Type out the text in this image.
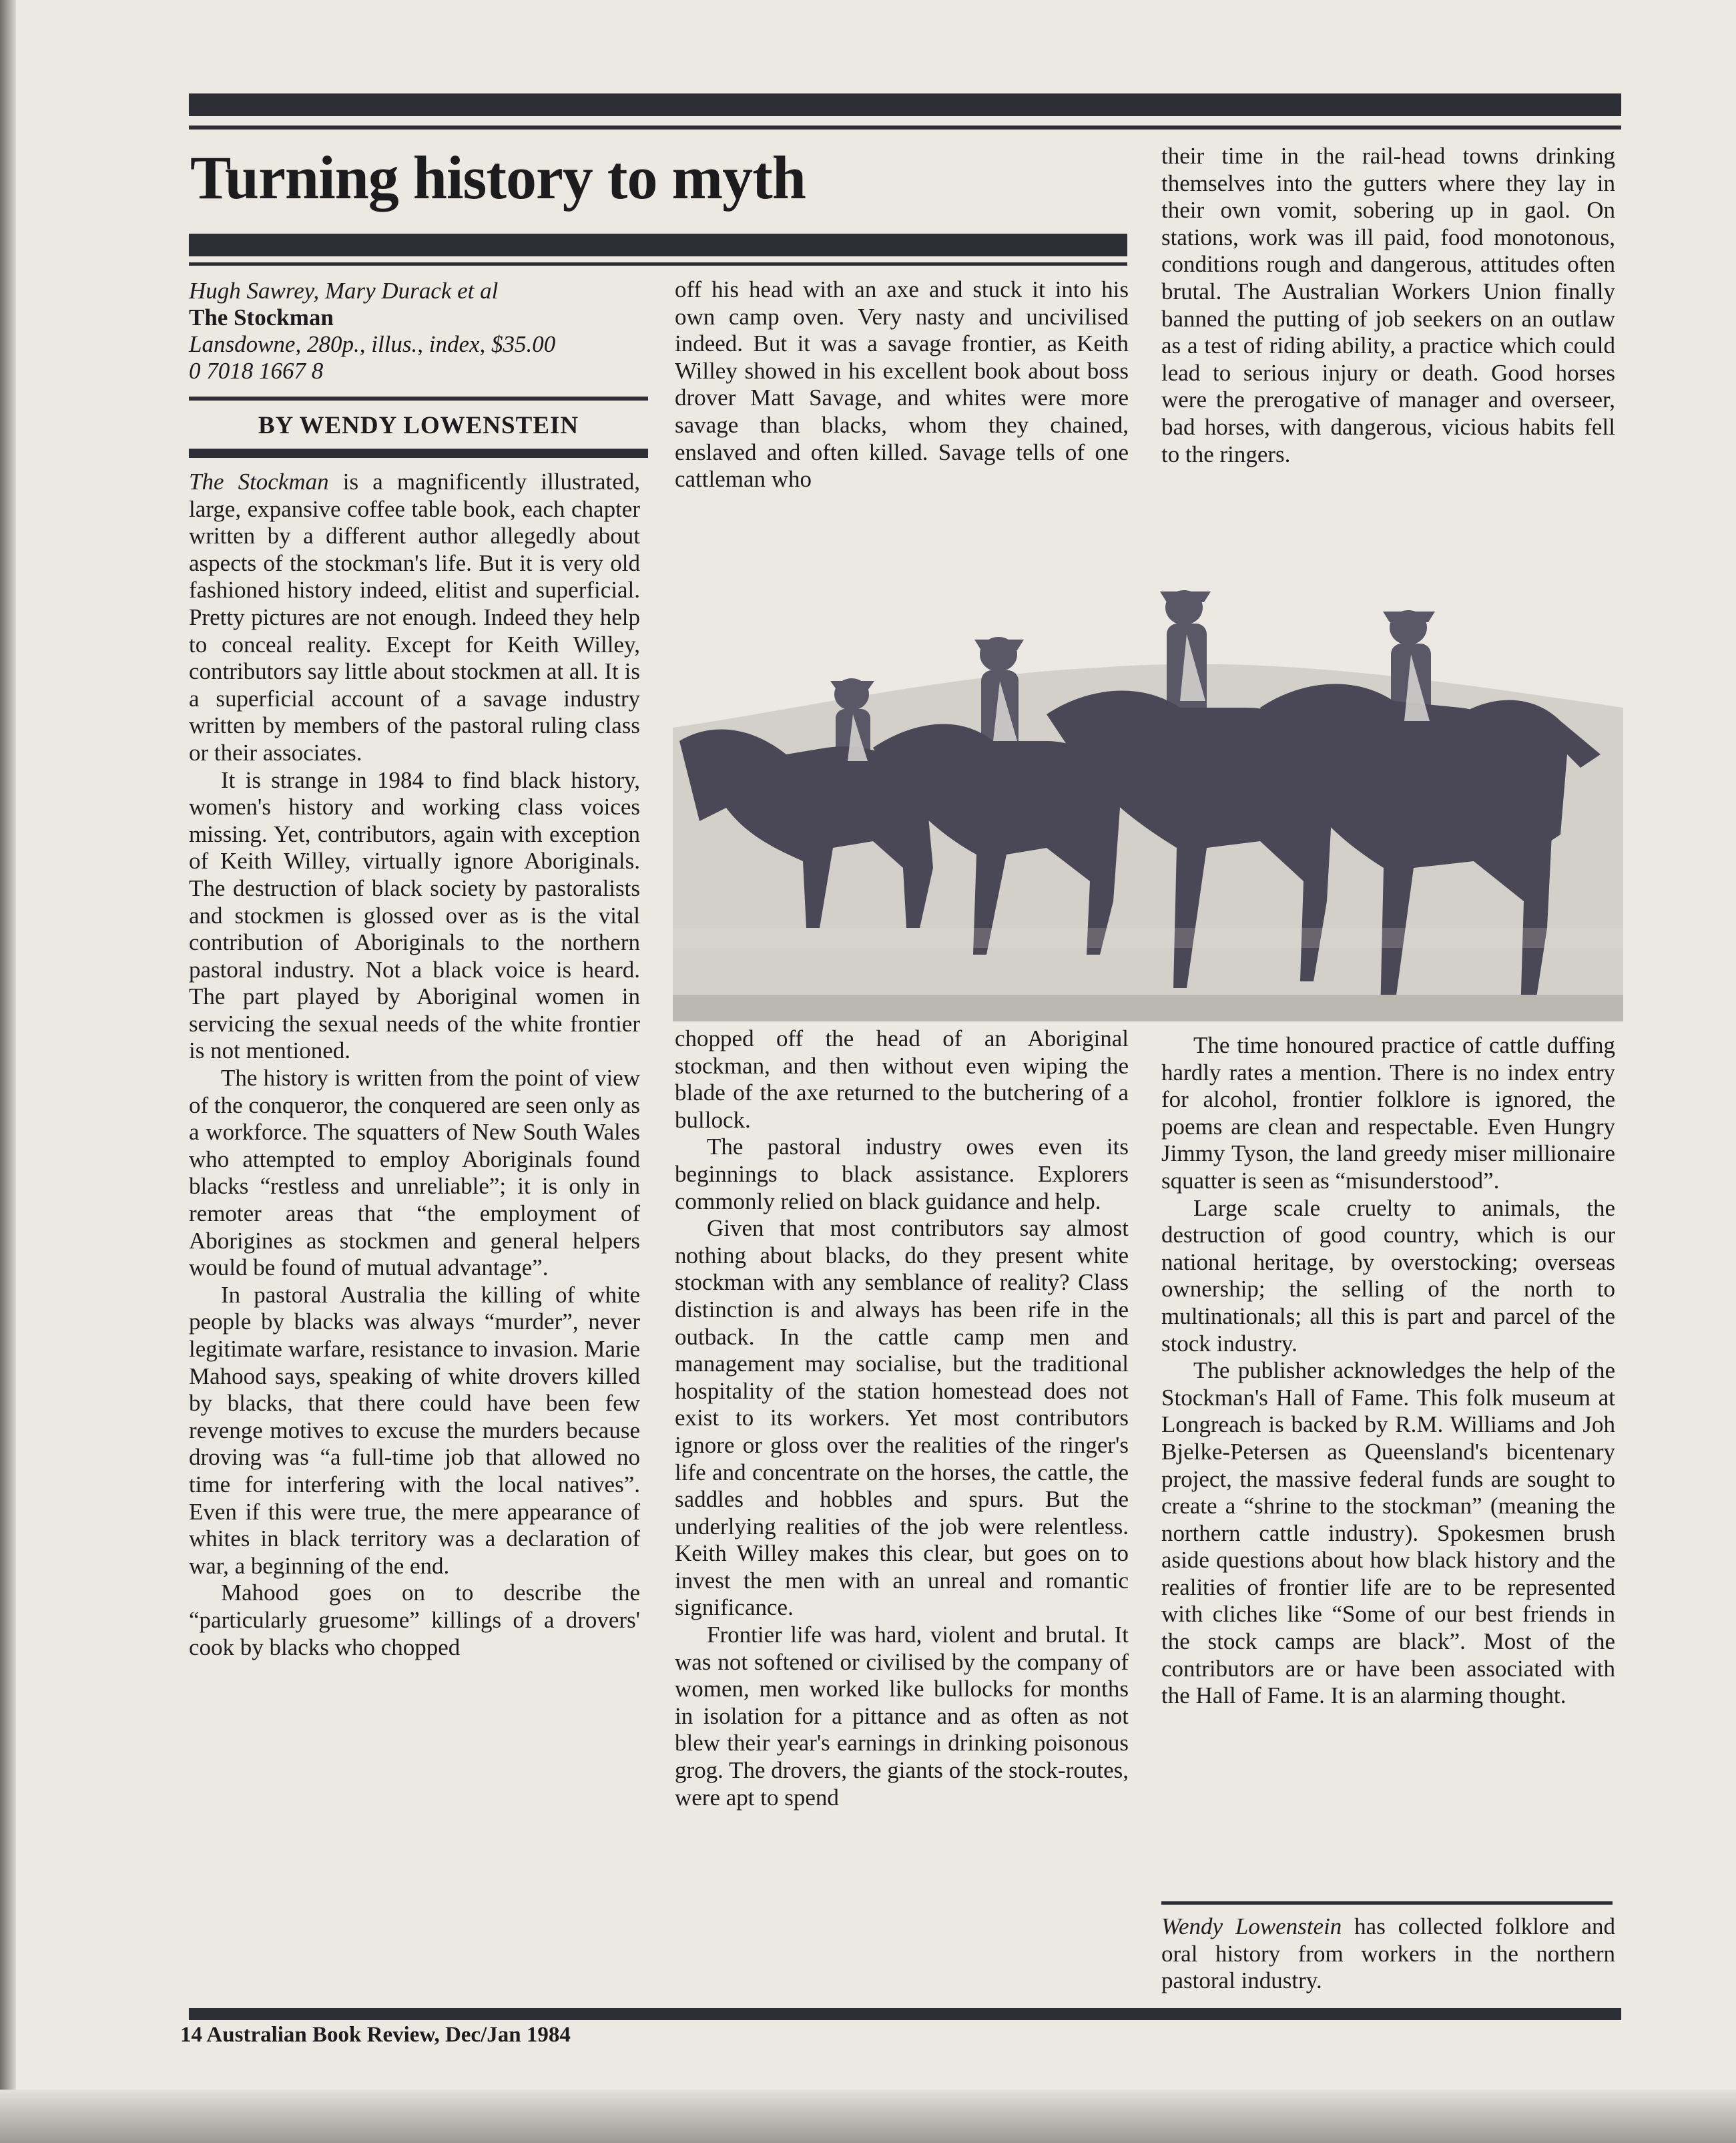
Turning history to myth
Hugh Sawrey, Mary Durack et al
The Stockman
Lansdowne, 280p., illus., index, $35.00
0 7018 1667 8
BY WENDY LOWENSTEIN

The Stockman is a magnificently illustrated, large, expansive coffee table book, each chapter written by a different author allegedly about aspects of the stockman's life. But it is very old fashioned history indeed, elitist and superficial. Pretty pictures are not enough. Indeed they help to conceal reality. Except for Keith Willey, contributors say little about stockmen at all. It is a superficial account of a savage industry written by members of the pastoral ruling class or their associates.

It is strange in 1984 to find black history, women's history and working class voices missing. Yet, contributors, again with exception of Keith Willey, virtually ignore Aboriginals. The destruction of black society by pastoralists and stockmen is glossed over as is the vital contribution of Aboriginals to the northern pastoral industry. Not a black voice is heard. The part played by Aboriginal women in servicing the sexual needs of the white frontier is not mentioned.

The history is written from the point of view of the conqueror, the conquered are seen only as a workforce. The squatters of New South Wales who attempted to employ Aboriginals found blacks “restless and unreliable”; it is only in remoter areas that “the employment of Aborigines as stockmen and general helpers would be found of mutual advantage”.

In pastoral Australia the killing of white people by blacks was always “murder”, never legitimate warfare, resistance to invasion. Marie Mahood says, speaking of white drovers killed by blacks, that there could have been few revenge motives to excuse the murders because droving was “a full-time job that allowed no time for interfering with the local natives”. Even if this were true, the mere appearance of whites in black territory was a declaration of war, a beginning of the end.

Mahood goes on to describe the “particularly gruesome” killings of a drovers' cook by blacks who chopped

off his head with an axe and stuck it into his own camp oven. Very nasty and uncivilised indeed. But it was a savage frontier, as Keith Willey showed in his excellent book about boss drover Matt Savage, and whites were more savage than blacks, whom they chained, enslaved and often killed. Savage tells of one cattleman who

chopped off the head of an Aboriginal stockman, and then without even wiping the blade of the axe returned to the butchering of a bullock.

The pastoral industry owes even its beginnings to black assistance. Explorers commonly relied on black guidance and help.

Given that most contributors say almost nothing about blacks, do they present white stockman with any semblance of reality? Class distinction is and always has been rife in the outback. In the cattle camp men and management may socialise, but the traditional hospitality of the station homestead does not exist to its workers. Yet most contributors ignore or gloss over the realities of the ringer's life and concentrate on the horses, the cattle, the saddles and hobbles and spurs. But the underlying realities of the job were relentless. Keith Willey makes this clear, but goes on to invest the men with an unreal and romantic significance.

Frontier life was hard, violent and brutal. It was not softened or civilised by the company of women, men worked like bullocks for months in isolation for a pittance and as often as not blew their year's earnings in drinking poisonous grog. The drovers, the giants of the stock-routes, were apt to spend

their time in the rail-head towns drinking themselves into the gutters where they lay in their own vomit, sobering up in gaol. On stations, work was ill paid, food monotonous, conditions rough and dangerous, attitudes often brutal. The Australian Workers Union finally banned the putting of job seekers on an outlaw as a test of riding ability, a practice which could lead to serious injury or death. Good horses were the prerogative of manager and overseer, bad horses, with dangerous, vicious habits fell to the ringers.

The time honoured practice of cattle duffing hardly rates a mention. There is no index entry for alcohol, frontier folklore is ignored, the poems are clean and respectable. Even Hungry Jimmy Tyson, the land greedy miser millionaire squatter is seen as “misunderstood”.

Large scale cruelty to animals, the destruction of good country, which is our national heritage, by overstocking; overseas ownership; the selling of the north to multinationals; all this is part and parcel of the stock industry.

The publisher acknowledges the help of the Stockman's Hall of Fame. This folk museum at Longreach is backed by R.M. Williams and Joh Bjelke-Petersen as Queensland's bicentenary project, the massive federal funds are sought to create a “shrine to the stockman” (meaning the northern cattle industry). Spokesmen brush aside questions about how black history and the realities of frontier life are to be represented with cliches like “Some of our best friends in the stock camps are black”. Most of the contributors are or have been associated with the Hall of Fame. It is an alarming thought.

Wendy Lowenstein has collected folklore and oral history from workers in the northern pastoral industry.

14 Australian Book Review, Dec/Jan 1984
